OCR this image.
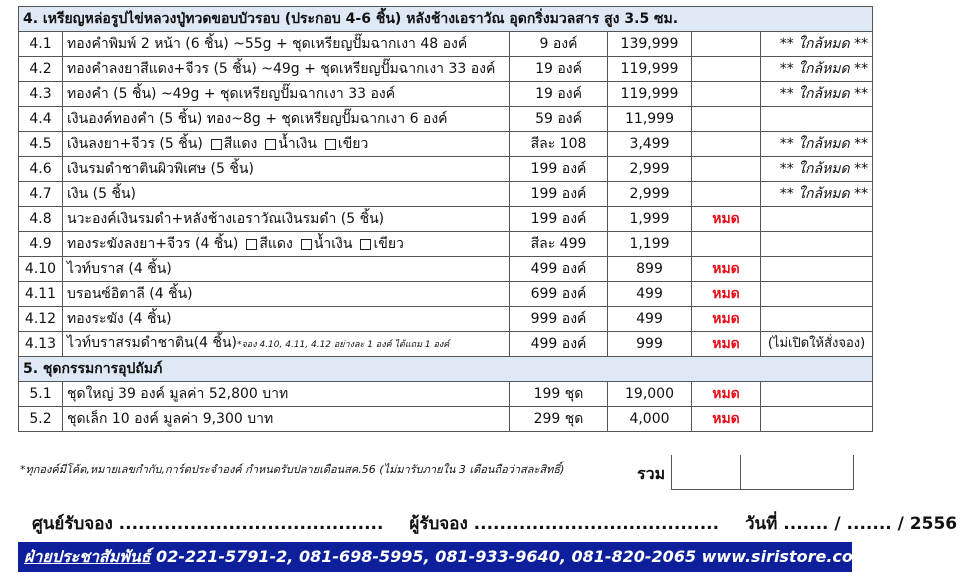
4. เหรียญหล่อรูปไข่หลวงปู่ทวดขอบบัวรอบ (ประกอบ 4-6 ชิ้น) หลังช้างเอราวัณ อุดกริ่งมวลสาร สูง 3.5 ซม.					
4.1	ทองคำพิมพ์ 2 หน้า (6 ชิ้น) ~55g + ชุดเหรียญปั๊มฉากเงา 48 องค์	9 องค์	139,999		** ใกล้หมด **
4.2	ทองคำลงยาสีแดง+จีวร (5 ชิ้น) ~49g + ชุดเหรียญปั๊มฉากเงา 33 องค์	19 องค์	119,999		** ใกล้หมด **
4.3	ทองคำ (5 ชิ้น) ~49g + ชุดเหรียญปั๊มฉากเงา 33 องค์	19 องค์	119,999		** ใกล้หมด **
4.4	เงินองค์ทองคำ (5 ชิ้น) ทอง~8g + ชุดเหรียญปั๊มฉากเงา 6 องค์	59 องค์	11,999		
4.5	เงินลงยา+จีวร (5 ชิ้น) สีแดง น้ำเงิน เขียว	สีละ 108	3,499		** ใกล้หมด **
4.6	เงินรมดำชาตินผิวพิเศษ (5 ชิ้น)	199 องค์	2,999		** ใกล้หมด **
4.7	เงิน (5 ชิ้น)	199 องค์	2,999		** ใกล้หมด **
4.8	นวะองค์เงินรมดำ+หลังช้างเอราวัณเงินรมดำ (5 ชิ้น)	199 องค์	1,999	หมด	
4.9	ทองระฆังลงยา+จีวร (4 ชิ้น) สีแดง น้ำเงิน เขียว	สีละ 499	1,199		
4.10	ไวท์บราส (4 ชิ้น)	499 องค์	899	หมด	
4.11	บรอนซ์อิตาลี (4 ชิ้น)	699 องค์	499	หมด	
4.12	ทองระฆัง (4 ชิ้น)	999 องค์	499	หมด	
4.13	ไวท์บราสรมดำชาติน(4 ชิ้น)*จอง 4.10, 4.11, 4.12 อย่างละ 1 องค์ ได้แถม 1 องค์	499 องค์	999	หมด	(ไม่เปิดให้สั่งจอง)
5. ชุดกรรมการอุปถัมภ์					
5.1	ชุดใหญ่ 39 องค์ มูลค่า 52,800 บาท	199 ชุด	19,000	หมด	
5.2	ชุดเล็ก 10 องค์ มูลค่า 9,300 บาท	299 ชุด	4,000	หมด	
*ทุกองค์มีโค้ด,หมายเลขกำกับ,การ์ดประจำองค์ กำหนดรับปลายเดือนสค.56 (ไม่มารับภายใน 3 เดือนถือว่าสละสิทธิ์)	รวม
ศูนย์รับจอง ......................................... ผู้รับจอง ...................................... วันที่ ....... / ....... / 2556
ฝ่ายประชาสัมพันธ์ 02-221-5791-2, 081-698-5995, 081-933-9640, 081-820-2065 www.siristore.com
